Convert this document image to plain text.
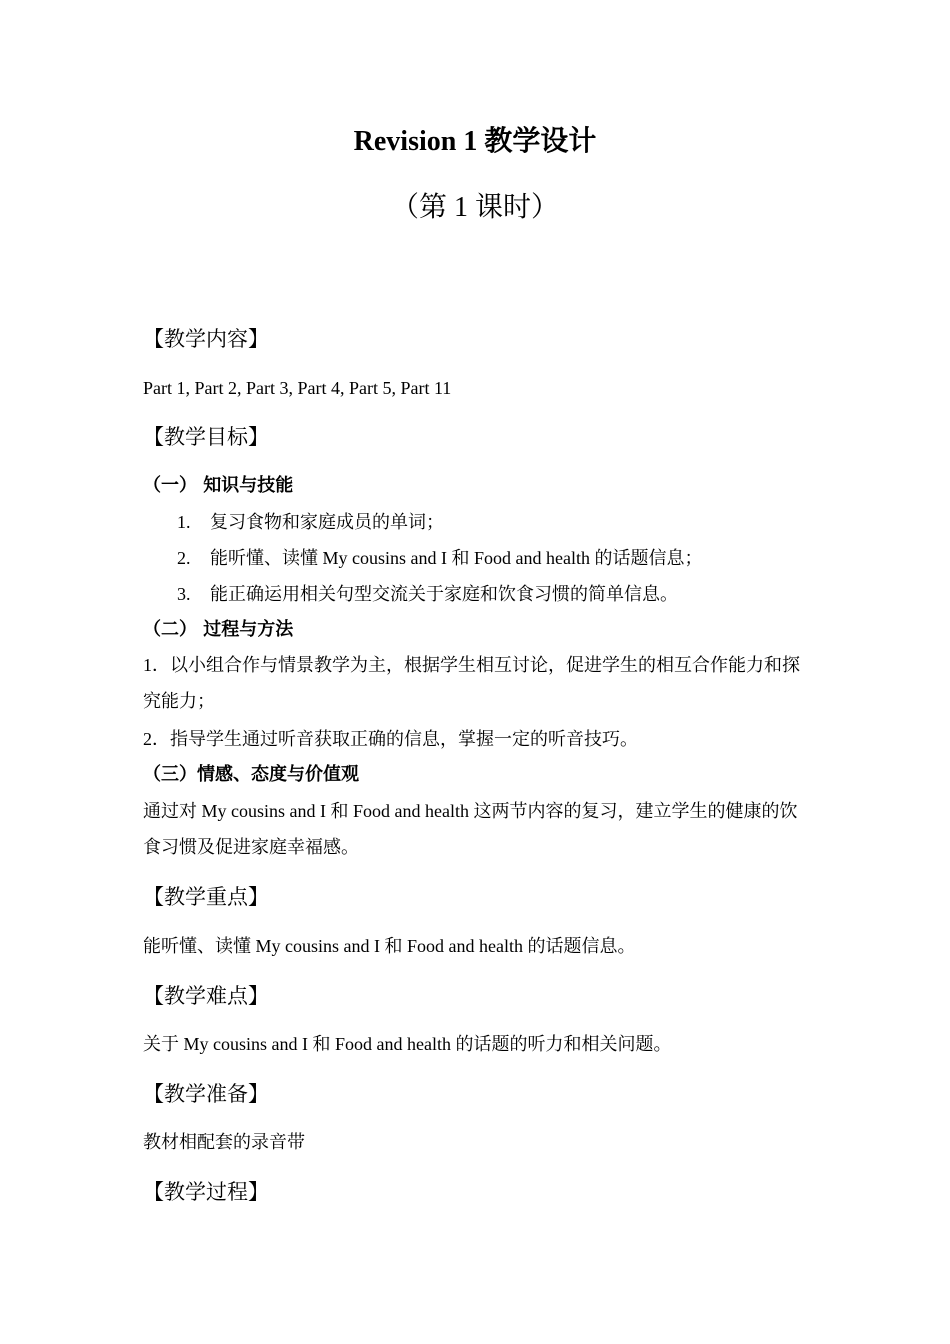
Revision 1 教学设计
（第 1 课时）
【教学内容】
Part 1, Part 2, Part 3, Part 4, Part 5, Part 11
【教学目标】
（一） 知识与技能
1. 复习食物和家庭成员的单词；
2. 能听懂、读懂 My cousins and I 和 Food and health 的话题信息；
3. 能正确运用相关句型交流关于家庭和饮食习惯的简单信息。
（二） 过程与方法
1．以小组合作与情景教学为主，根据学生相互讨论，促进学生的相互合作能力和探究能力；
2．指导学生通过听音获取正确的信息，掌握一定的听音技巧。
（三）情感、态度与价值观
通过对 My cousins and I 和 Food and health 这两节内容的复习，建立学生的健康的饮食习惯及促进家庭幸福感。
【教学重点】
能听懂、读懂 My cousins and I 和 Food and health 的话题信息。
【教学难点】
关于 My cousins and I 和 Food and health 的话题的听力和相关问题。
【教学准备】
教材相配套的录音带
【教学过程】
